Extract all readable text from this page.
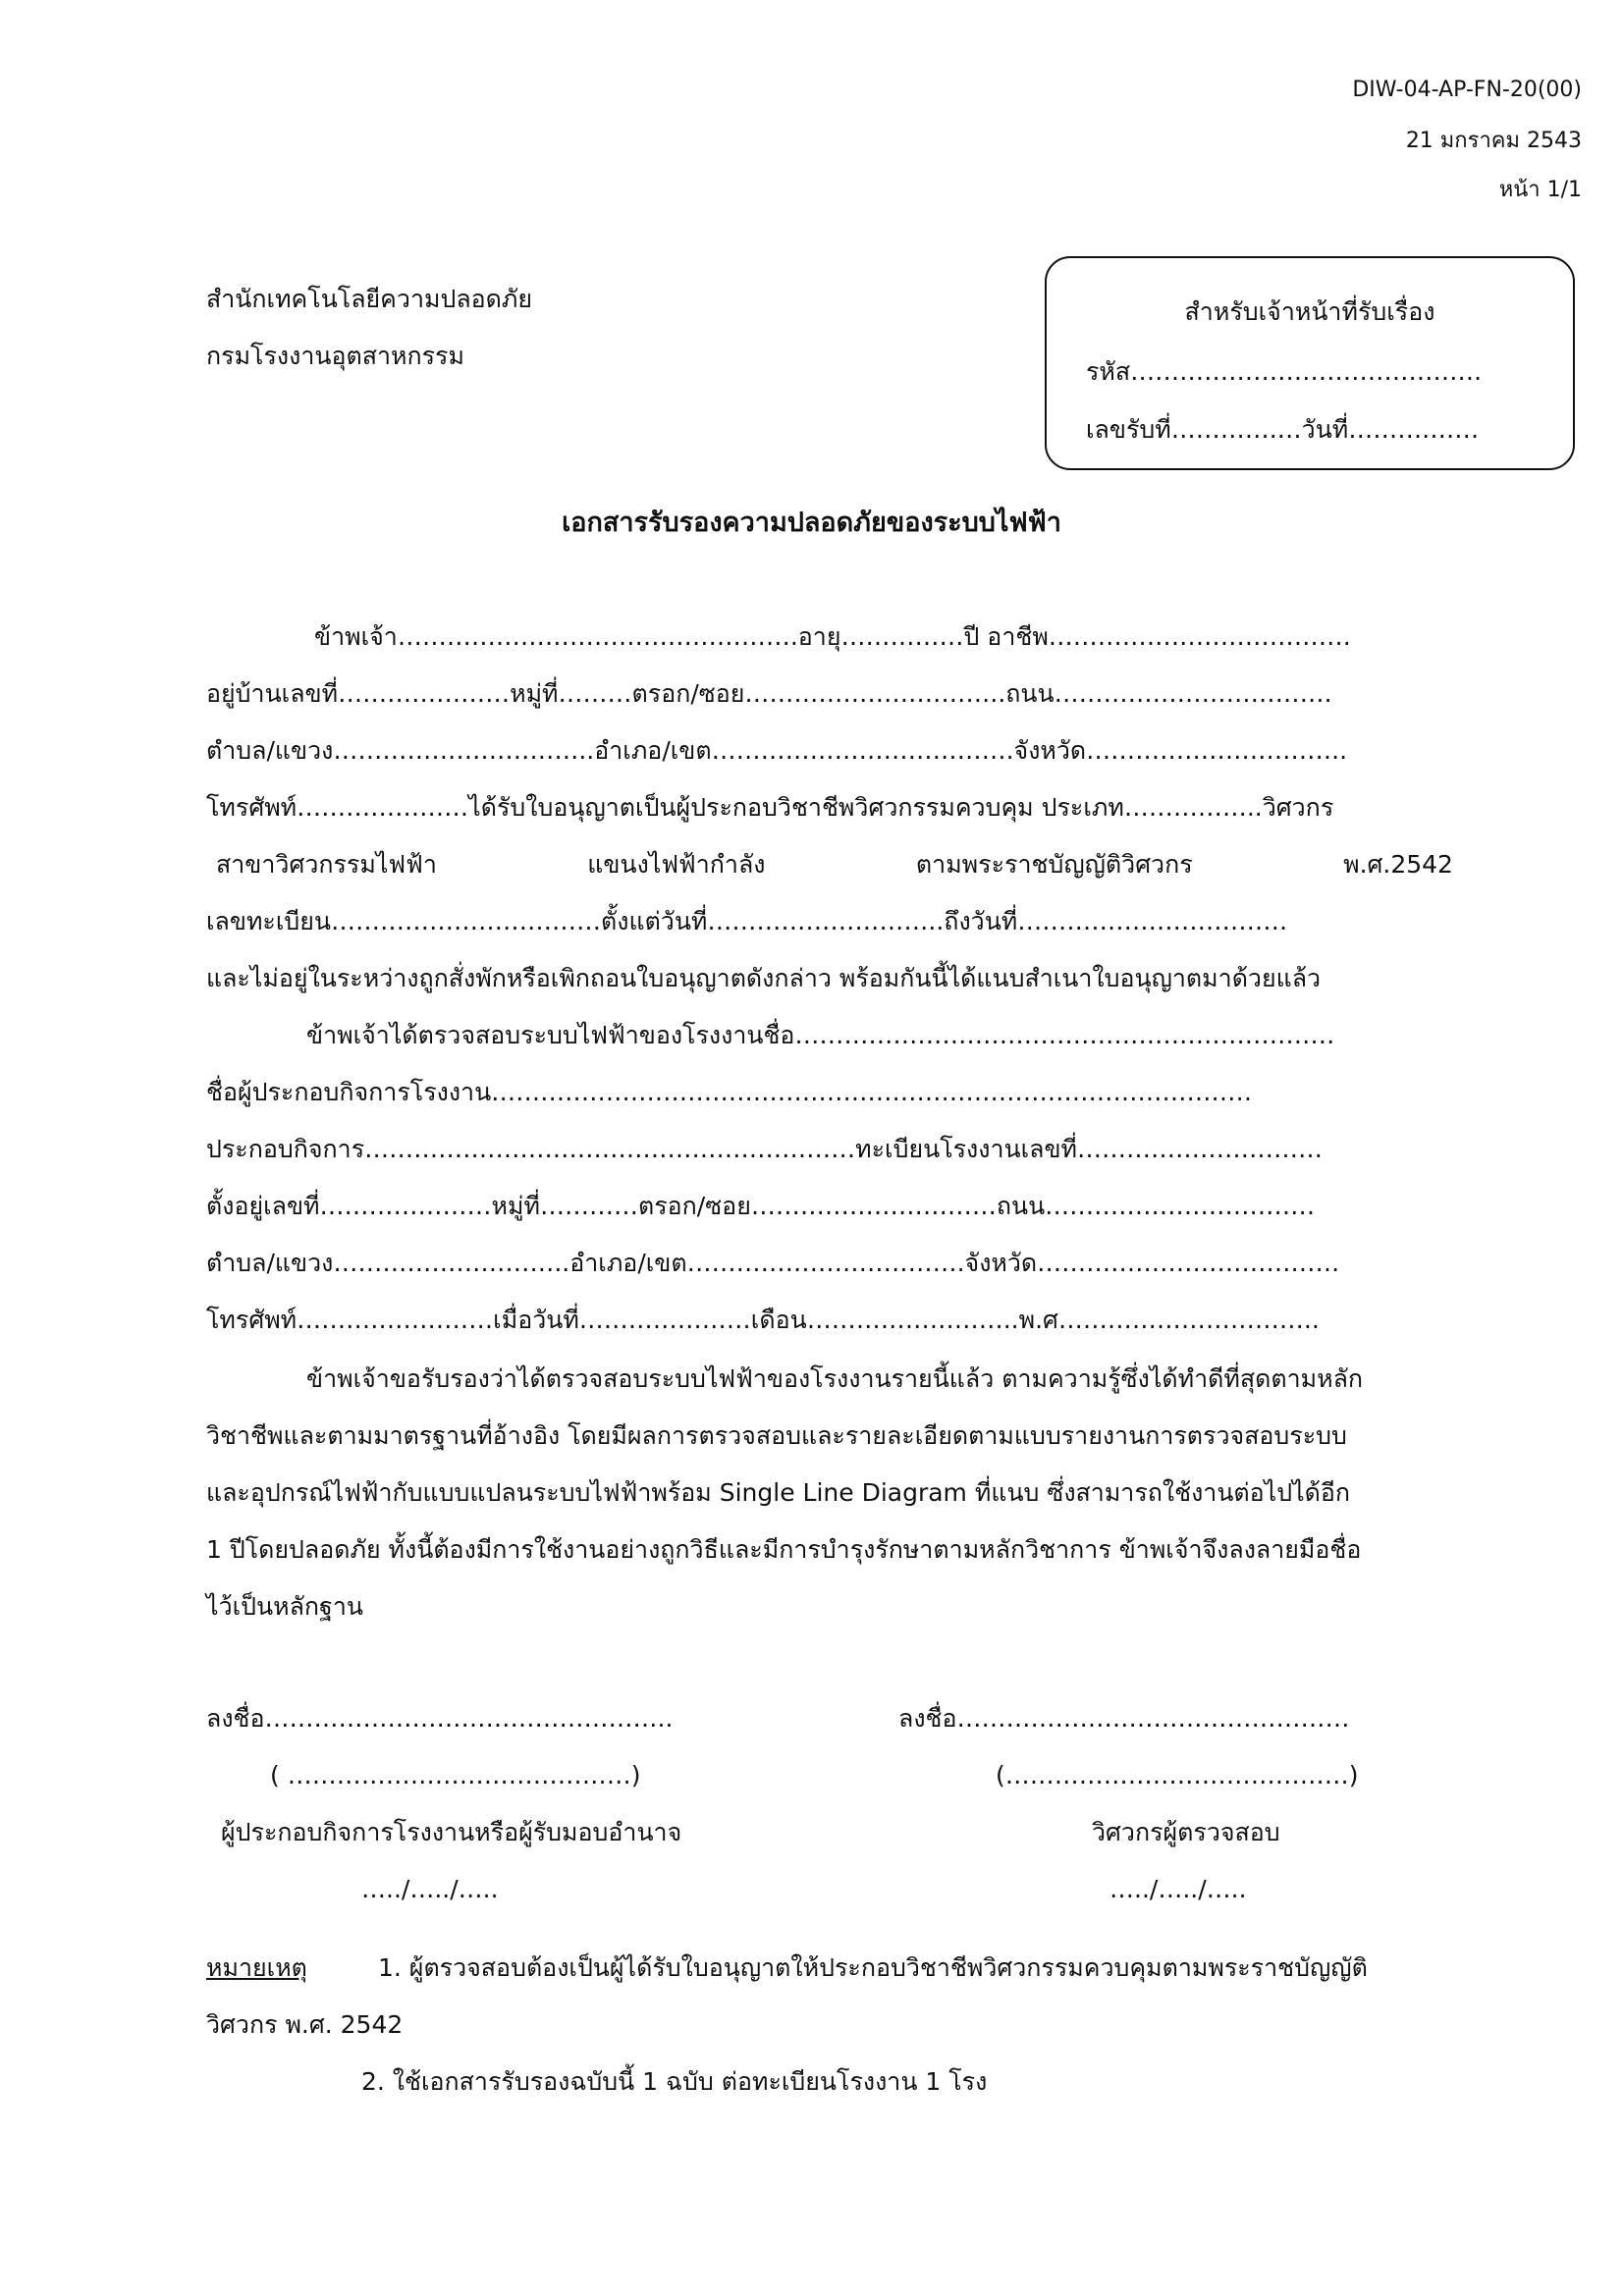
DIW-04-AP-FN-20(00)
21 มกราคม 2543
หน้า 1/1
สำนักเทคโนโลยีความปลอดภัย
กรมโรงงานอุตสาหกรรม
สำหรับเจ้าหน้าที่รับเรื่อง
รหัส…………………………………….
เลขรับที่………….…วันที่……….……
เอกสารรับรองความปลอดภัยของระบบไฟฟ้า
ข้าพเจ้า………………………………………….อายุ……………ปี อาชีพ……………………………….
อยู่บ้านเลขที่…………………หมู่ที่………ตรอก/ซอย…………………………..ถนน…………………………….
ตำบล/แขวง…………………………..อำเภอ/เขต……………………………….จังหวัด…………………………..
โทรศัพท์…………………ได้รับใบอนุญาตเป็นผู้ประกอบวิชาชีพวิศวกรรมควบคุม ประเภท……………..วิศวกร
สาขาวิศวกรรมไฟฟ้า	แขนงไฟฟ้ากำลัง	ตามพระราชบัญญัติวิศวกร	พ.ศ.2542
เลขทะเบียน……………………………ตั้งแต่วันที่………………………..ถึงวันที่……………………………
และไม่อยู่ในระหว่างถูกสั่งพักหรือเพิกถอนใบอนุญาตดังกล่าว พร้อมกันนี้ได้แนบสำเนาใบอนุญาตมาด้วยแล้ว
ข้าพเจ้าได้ตรวจสอบระบบไฟฟ้าของโรงงานชื่อ…………………………………………………………
ชื่อผู้ประกอบกิจการโรงงาน…………………………………………………………………………………
ประกอบกิจการ……………………………………………………ทะเบียนโรงงานเลขที่…………………………
ตั้งอยู่เลขที่…………………หมู่ที่…………ตรอก/ซอย…………………………ถนน……………………………
ตำบล/แขวง………………………..อำเภอ/เขต…………………………….จังหวัด……………………………….
โทรศัพท์……………………เมื่อวันที่…………………เดือน……………………..พ.ศ…………………………..
ข้าพเจ้าขอรับรองว่าได้ตรวจสอบระบบไฟฟ้าของโรงงานรายนี้แล้ว ตามความรู้ซึ่งได้ทำดีที่สุดตามหลัก
วิชาชีพและตามมาตรฐานที่อ้างอิง โดยมีผลการตรวจสอบและรายละเอียดตามแบบรายงานการตรวจสอบระบบ
และอุปกรณ์ไฟฟ้ากับแบบแปลนระบบไฟฟ้าพร้อม Single Line Diagram ที่แนบ ซึ่งสามารถใช้งานต่อไปได้อีก
1 ปีโดยปลอดภัย ทั้งนี้ต้องมีการใช้งานอย่างถูกวิธีและมีการบำรุงรักษาตามหลักวิชาการ ข้าพเจ้าจึงลงลายมือชื่อ
ไว้เป็นหลักฐาน
ลงชื่อ…………………………………………..
( ……………………………………)
ผู้ประกอบกิจการโรงงานหรือผู้รับมอบอำนาจ
…../…../…..
ลงชื่อ…………………………………………
(……………………………………)
วิศวกรผู้ตรวจสอบ
…../…../…..
หมายเหตุ	1. ผู้ตรวจสอบต้องเป็นผู้ได้รับใบอนุญาตให้ประกอบวิชาชีพวิศวกรรมควบคุมตามพระราชบัญญัติ
วิศวกร พ.ศ. 2542
2. ใช้เอกสารรับรองฉบับนี้ 1 ฉบับ ต่อทะเบียนโรงงาน 1 โรง
